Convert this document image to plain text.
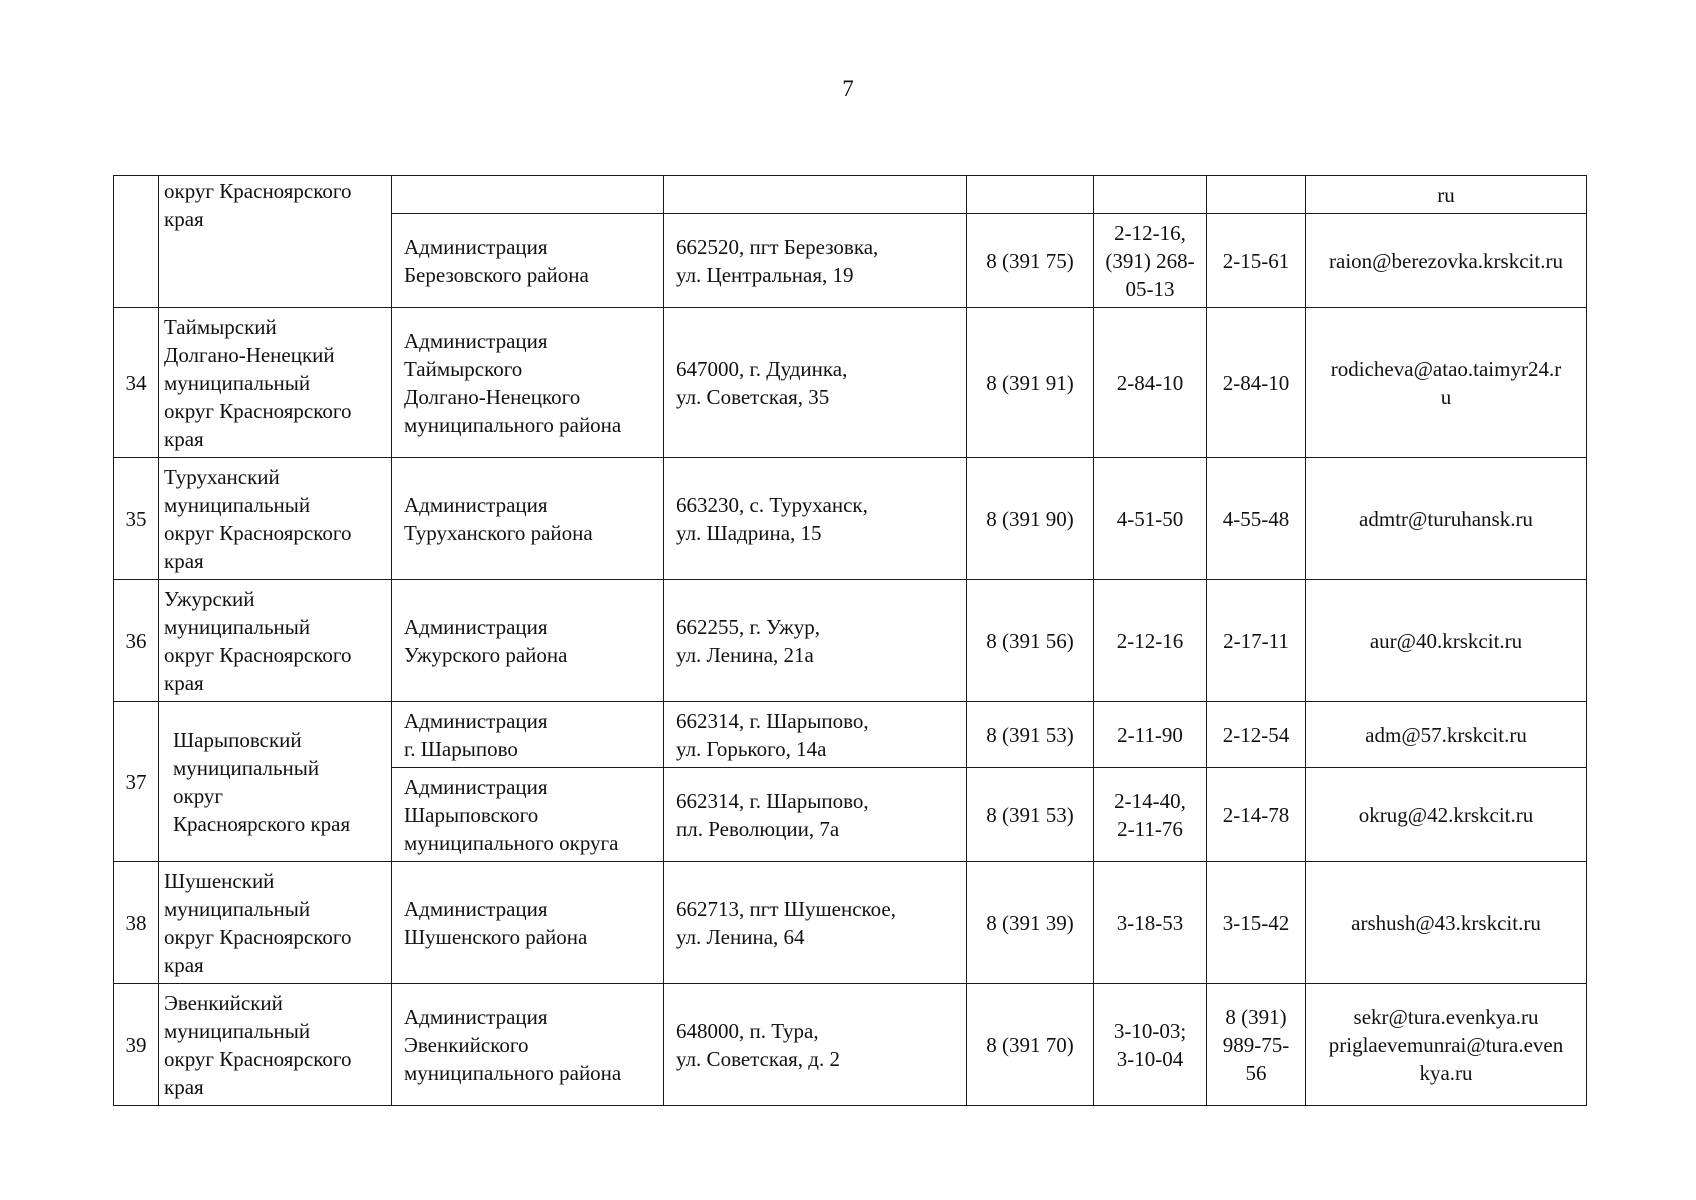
7

	округ Красноярского
края						ru

		Администрация
Березовского района	662520, пгт Березовка,
ул. Центральная, 19	8 (391 75)	2-12-16,
(391) 268-
05-13	2-15-61	raion@berezovka.krskcit.ru

34	Таймырский
Долгано-Ненецкий
муниципальный
округ Красноярского
края	Администрация
Таймырского
Долгано-Ненецкого
муниципального района	647000, г. Дудинка,
ул. Советская, 35	8 (391 91)	2-84-10	2-84-10	rodicheva@atao.taimyr24.r
u

35	Туруханский
муниципальный
округ Красноярского
края	Администрация
Туруханского района	663230, с. Туруханск,
ул. Шадрина, 15	8 (391 90)	4-51-50	4-55-48	admtr@turuhansk.ru

36	Ужурский
муниципальный
округ Красноярского
края	Администрация
Ужурского района	662255, г. Ужур,
ул. Ленина, 21а	8 (391 56)	2-12-16	2-17-11	aur@40.krskcit.ru

37	Шарыповский
муниципальный
округ
Красноярского края	Администрация
г. Шарыпово	662314, г. Шарыпово,
ул. Горького, 14а	8 (391 53)	2-11-90	2-12-54	adm@57.krskcit.ru

		Администрация
Шарыповского
муниципального округа	662314, г. Шарыпово,
пл. Революции, 7а	8 (391 53)	2-14-40,
2-11-76	2-14-78	okrug@42.krskcit.ru

38	Шушенский
муниципальный
округ Красноярского
края	Администрация
Шушенского района	662713, пгт Шушенское,
ул. Ленина, 64	8 (391 39)	3-18-53	3-15-42	arshush@43.krskcit.ru

39	Эвенкийский
муниципальный
округ Красноярского
края	Администрация
Эвенкийского
муниципального района	648000, п. Тура,
ул. Советская, д. 2	8 (391 70)	3-10-03;
3-10-04	8 (391)
989-75-
56	sekr@tura.evenkya.ru
priglaevemunrai@tura.even
kya.ru
